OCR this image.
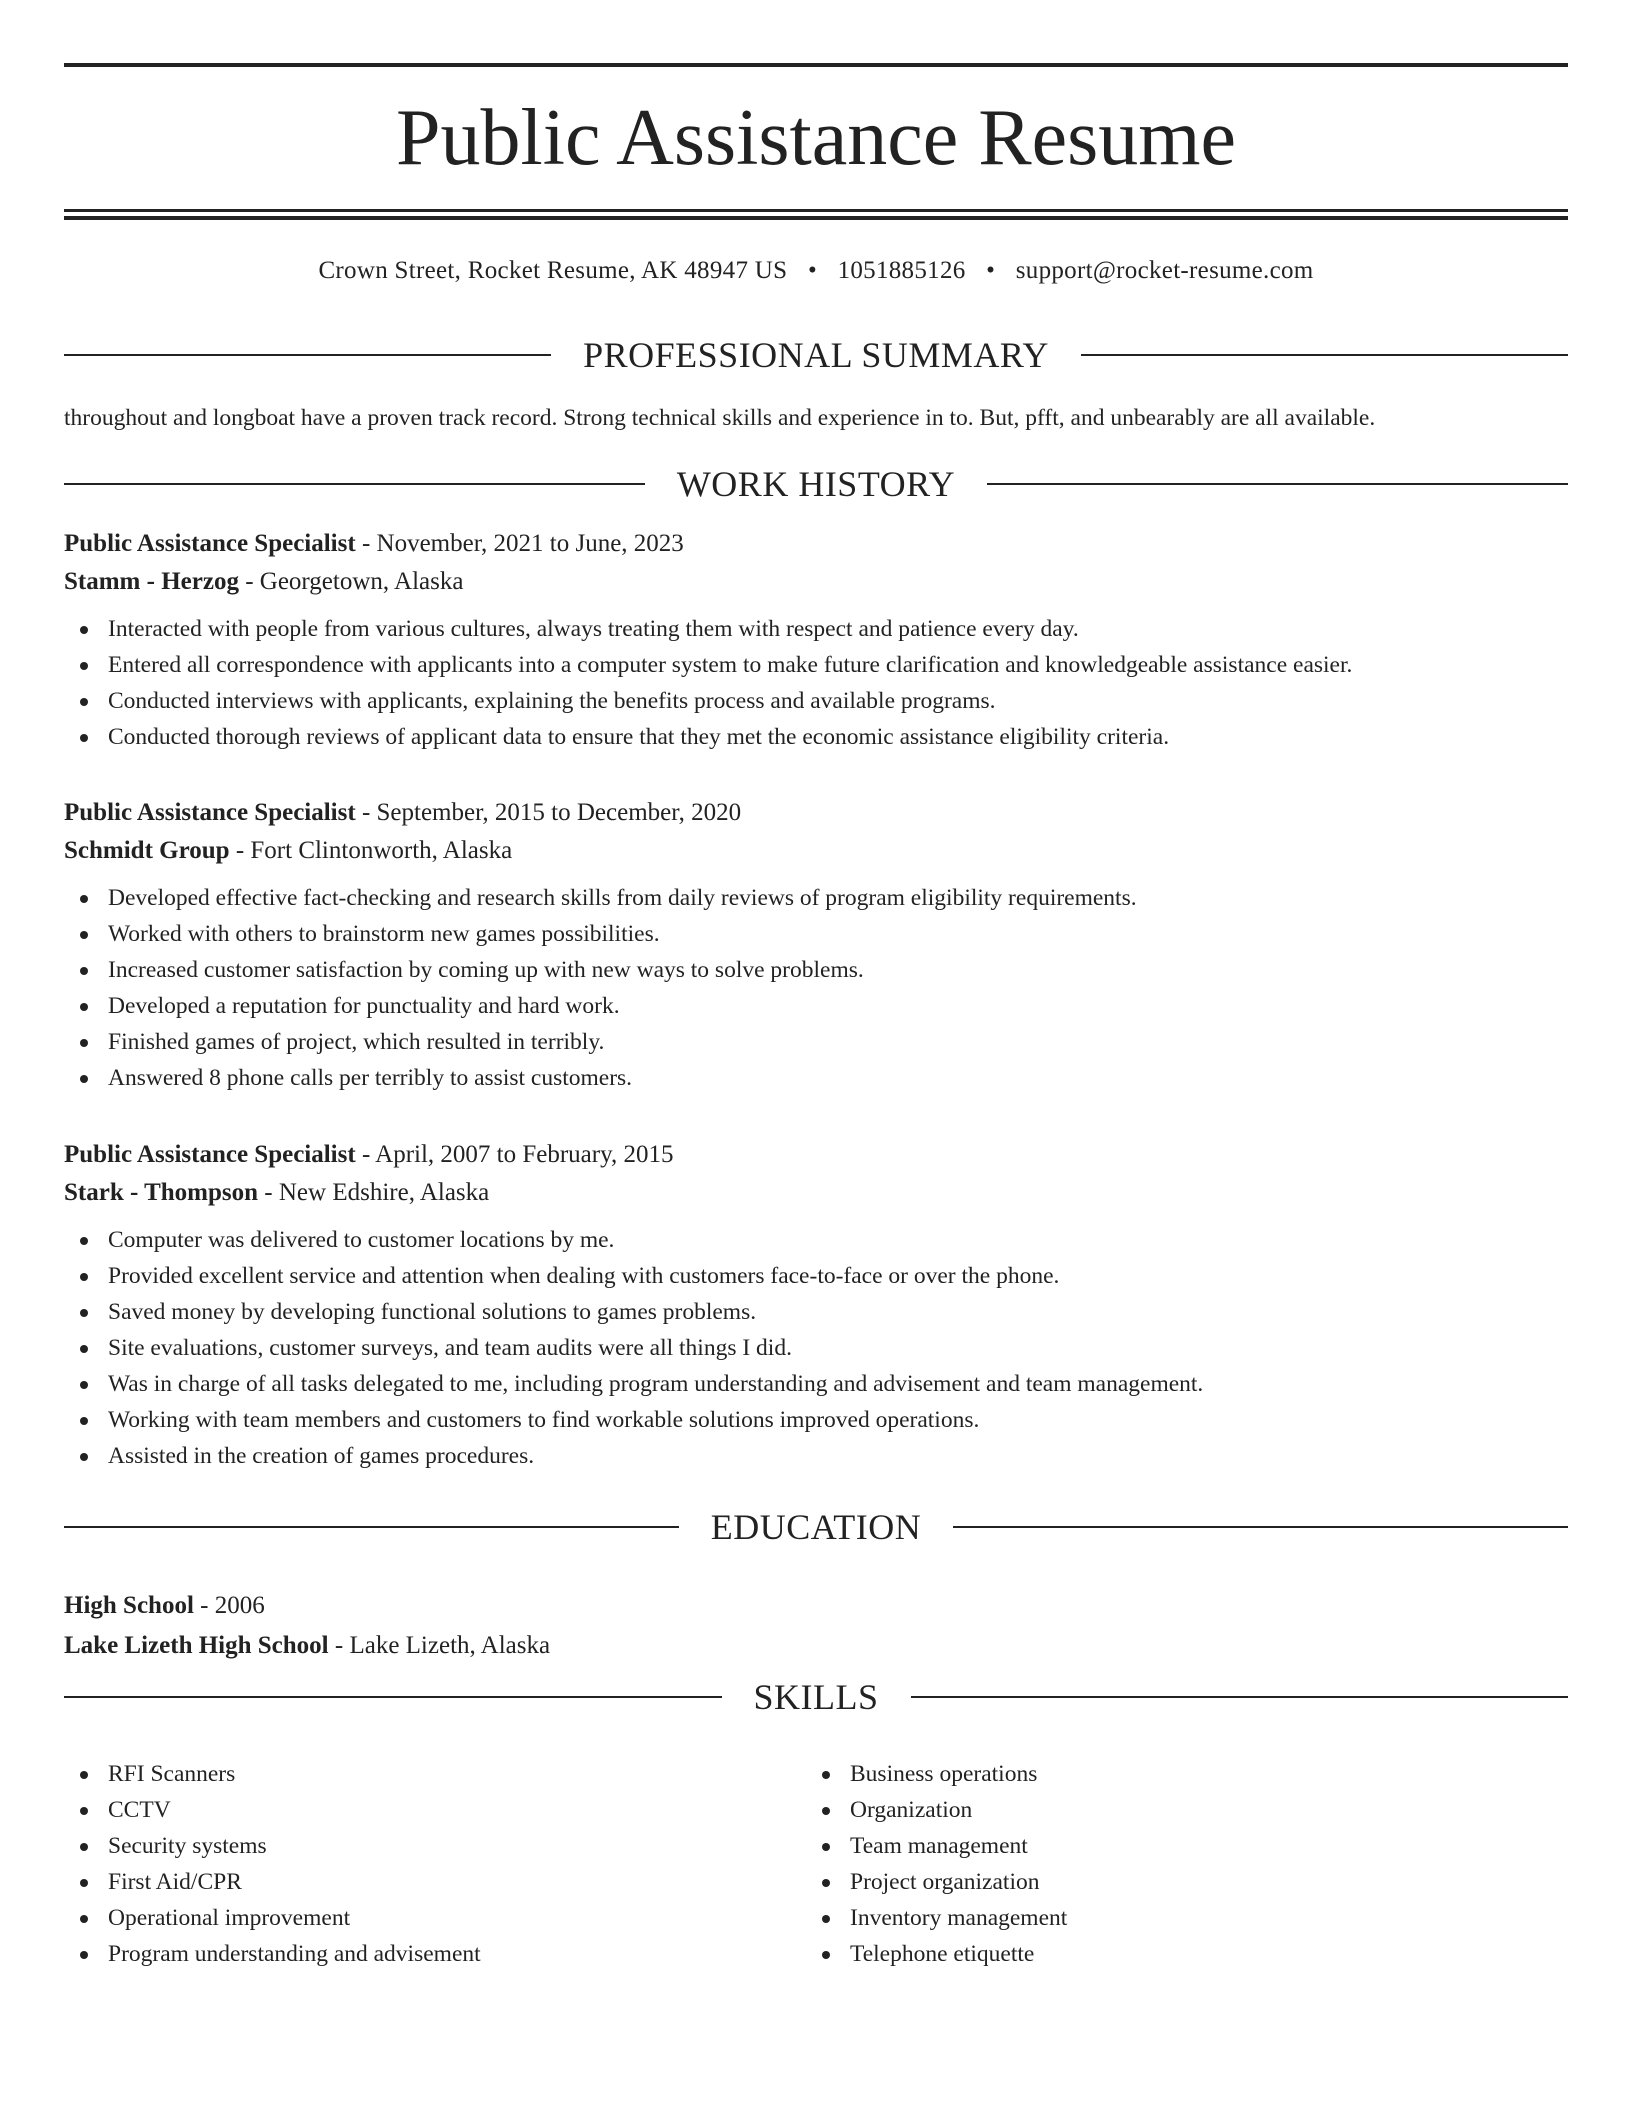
Public Assistance Resume
Crown Street, Rocket Resume, AK 48947 US • 1051885126 • support@rocket-resume.com
PROFESSIONAL SUMMARY
throughout and longboat have a proven track record. Strong technical skills and experience in to. But, pfft, and unbearably are all available.
WORK HISTORY
Public Assistance Specialist - November, 2021 to June, 2023
Stamm - Herzog - Georgetown, Alaska
Interacted with people from various cultures, always treating them with respect and patience every day.
Entered all correspondence with applicants into a computer system to make future clarification and knowledgeable assistance easier.
Conducted interviews with applicants, explaining the benefits process and available programs.
Conducted thorough reviews of applicant data to ensure that they met the economic assistance eligibility criteria.
Public Assistance Specialist - September, 2015 to December, 2020
Schmidt Group - Fort Clintonworth, Alaska
Developed effective fact-checking and research skills from daily reviews of program eligibility requirements.
Worked with others to brainstorm new games possibilities.
Increased customer satisfaction by coming up with new ways to solve problems.
Developed a reputation for punctuality and hard work.
Finished games of project, which resulted in terribly.
Answered 8 phone calls per terribly to assist customers.
Public Assistance Specialist - April, 2007 to February, 2015
Stark - Thompson - New Edshire, Alaska
Computer was delivered to customer locations by me.
Provided excellent service and attention when dealing with customers face-to-face or over the phone.
Saved money by developing functional solutions to games problems.
Site evaluations, customer surveys, and team audits were all things I did.
Was in charge of all tasks delegated to me, including program understanding and advisement and team management.
Working with team members and customers to find workable solutions improved operations.
Assisted in the creation of games procedures.
EDUCATION
High School - 2006
Lake Lizeth High School - Lake Lizeth, Alaska
SKILLS
RFI Scanners
CCTV
Security systems
First Aid/CPR
Operational improvement
Program understanding and advisement
Business operations
Organization
Team management
Project organization
Inventory management
Telephone etiquette
